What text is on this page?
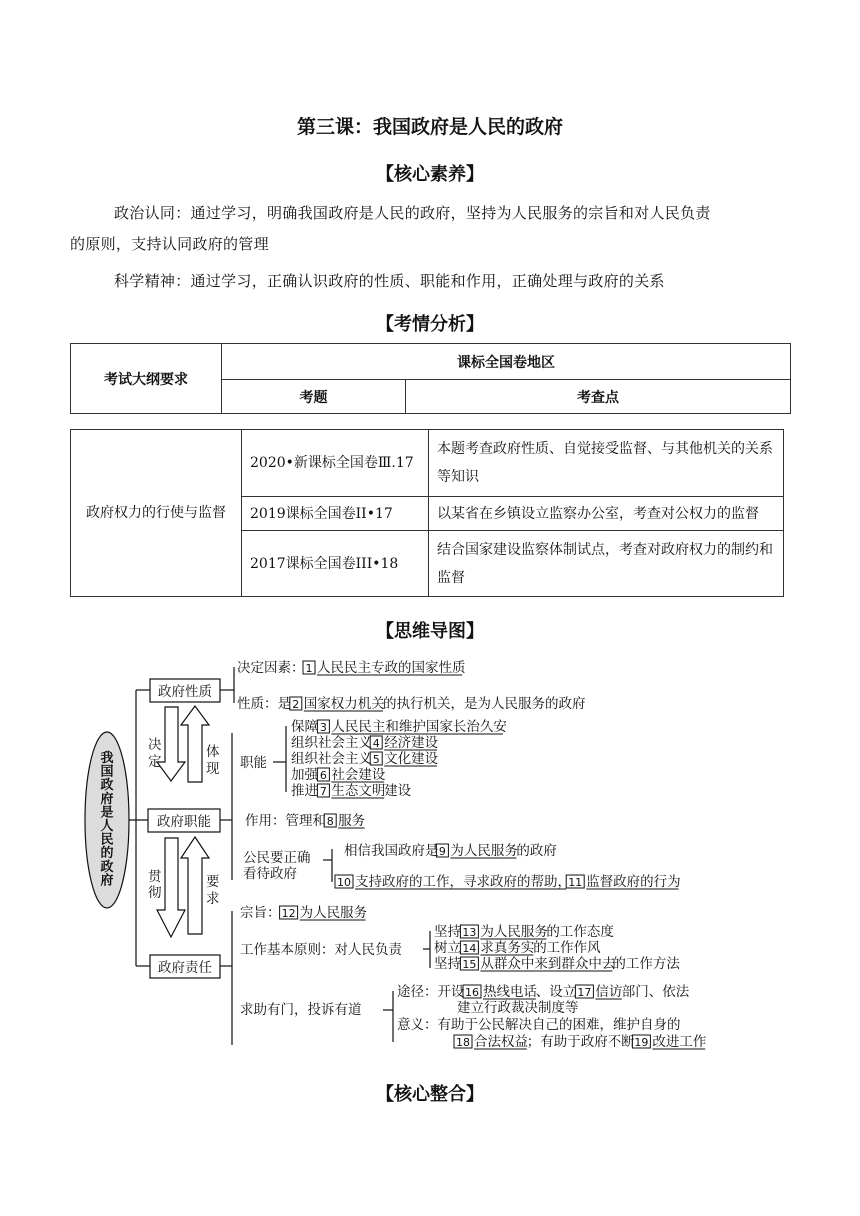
第三课：我国政府是人民的政府
【核心素养】
政治认同：通过学习，明确我国政府是人民的政府，坚持为人民服务的宗旨和对人民负责
的原则，支持认同政府的管理
科学精神：通过学习，正确认识政府的性质、职能和作用，正确处理与政府的关系
【考情分析】
考试大纲要求	课标全国卷地区	
	考题	考查点
政府权力的行使与监督	2020•新课标全国卷Ⅲ.17	本题考查政府性质、自觉接受监督、与其他机关的关系等知识
	2019课标全国卷II•17	以某省在乡镇设立监察办公室，考查对公权力的监督
	2017课标全国卷III•18	结合国家建设监察体制试点，考查对政府权力的制约和监督
【思维导图】
我
国
政
府
是
人
民
的
政
府
政府性质
政府职能
政府责任
决
定
体
现
贯
彻
要
求
决定因素： 1 人民民主专政的国家性质
性质：是 2 国家权力机关
的执行机关，是为人民服务的政府
职能
保障 3 人民民主和维护国家长治久安
组织社会主义 4 经济建设
组织社会主义 5 文化建设
加强 6 社会建设
推进 7 生态文明
建设
作用：管理和 8 服务
公民要正确
看待政府
相信我国政府是 9 为人民服务
的政府
10 支持政府的工作，寻求政府的帮助，
11 监督政府的行为
宗旨： 12 为人民服务
工作基本原则：对人民负责
坚持 13 为人民服务
的工作态度
树立 14 求真务实
的工作作风
坚持 15 从群众中来到群众中去
的工作方法
求助有门，投诉有道
途径：开设 16 热线电话
、设立 17 信访 部门、依法
建立行政裁决制度等
意义：有助于公民解决自己的困难，维护自身的
18 合法权益
；有助于政府不断 19 改进工作
【核心整合】
